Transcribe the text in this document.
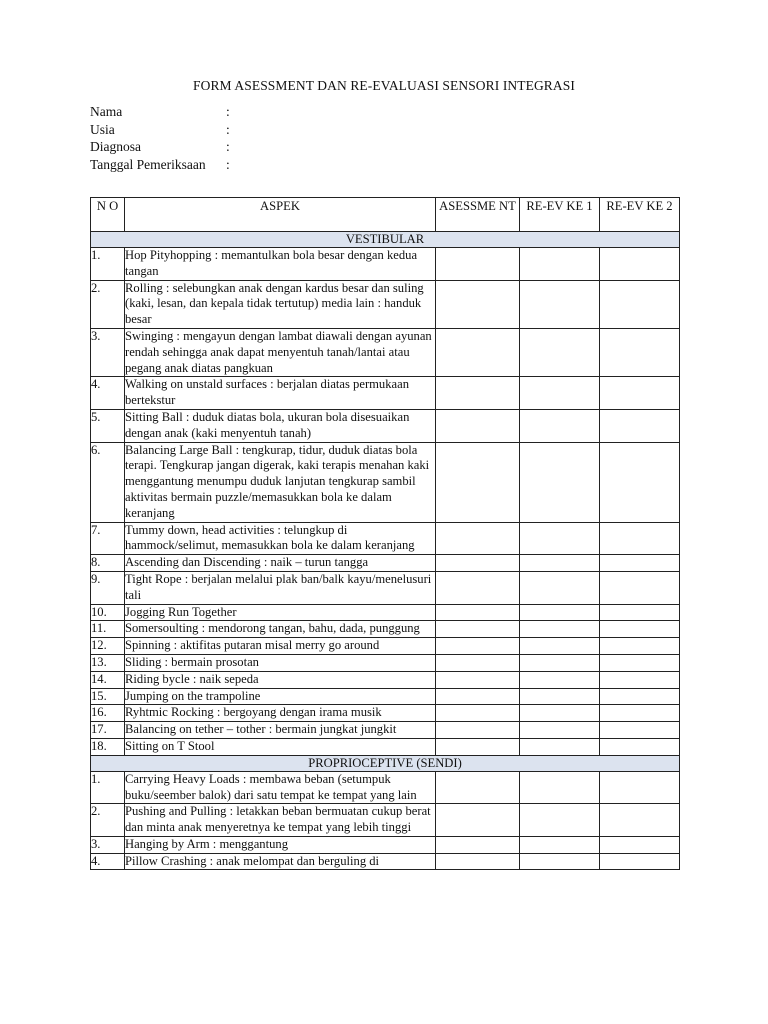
FORM ASESSMENT DAN RE-EVALUASI SENSORI INTEGRASI
Nama	:
Usia	:
Diagnosa	:
Tanggal Pemeriksaan	:
N O	ASPEK	ASESSME NT	RE-EV KE 1	RE-EV KE 2
VESTIBULAR				
1.	Hop Pityhopping : memantulkan bola besar dengan kedua tangan			
2.	Rolling : selebungkan anak dengan kardus besar dan suling (kaki, lesan, dan kepala tidak tertutup) media lain : handuk besar			
3.	Swinging : mengayun dengan lambat diawali dengan ayunan rendah sehingga anak dapat menyentuh tanah/lantai atau pegang anak diatas pangkuan			
4.	Walking on unstald surfaces : berjalan diatas permukaan bertekstur			
5.	Sitting Ball : duduk diatas bola, ukuran bola disesuaikan dengan anak (kaki menyentuh tanah)			
6.	Balancing Large Ball : tengkurap, tidur, duduk diatas bola terapi. Tengkurap jangan digerak, kaki terapis menahan kaki menggantung menumpu duduk lanjutan tengkurap sambil aktivitas bermain puzzle/memasukkan bola ke dalam keranjang			
7.	Tummy down, head activities : telungkup di hammock/selimut, memasukkan bola ke dalam keranjang			
8.	Ascending dan Discending : naik – turun tangga			
9.	Tight Rope : berjalan melalui plak ban/balk kayu/menelusuri tali			
10.	Jogging Run Together			
11.	Somersoulting : mendorong tangan, bahu, dada, punggung			
12.	Spinning : aktifitas putaran misal merry go around			
13.	Sliding : bermain prosotan			
14.	Riding bycle : naik sepeda			
15.	Jumping on the trampoline			
16.	Ryhtmic Rocking : bergoyang dengan irama musik			
17.	Balancing on tether – tother : bermain jungkat jungkit			
18.	Sitting on T Stool			
PROPRIOCEPTIVE (SENDI)				
1.	Carrying Heavy Loads : membawa beban (setumpuk buku/seember balok) dari satu tempat ke tempat yang lain			
2.	Pushing and Pulling : letakkan beban bermuatan cukup berat dan minta anak menyeretnya ke tempat yang lebih tinggi			
3.	Hanging by Arm : menggantung			
4.	Pillow Crashing : anak melompat dan berguling di			
